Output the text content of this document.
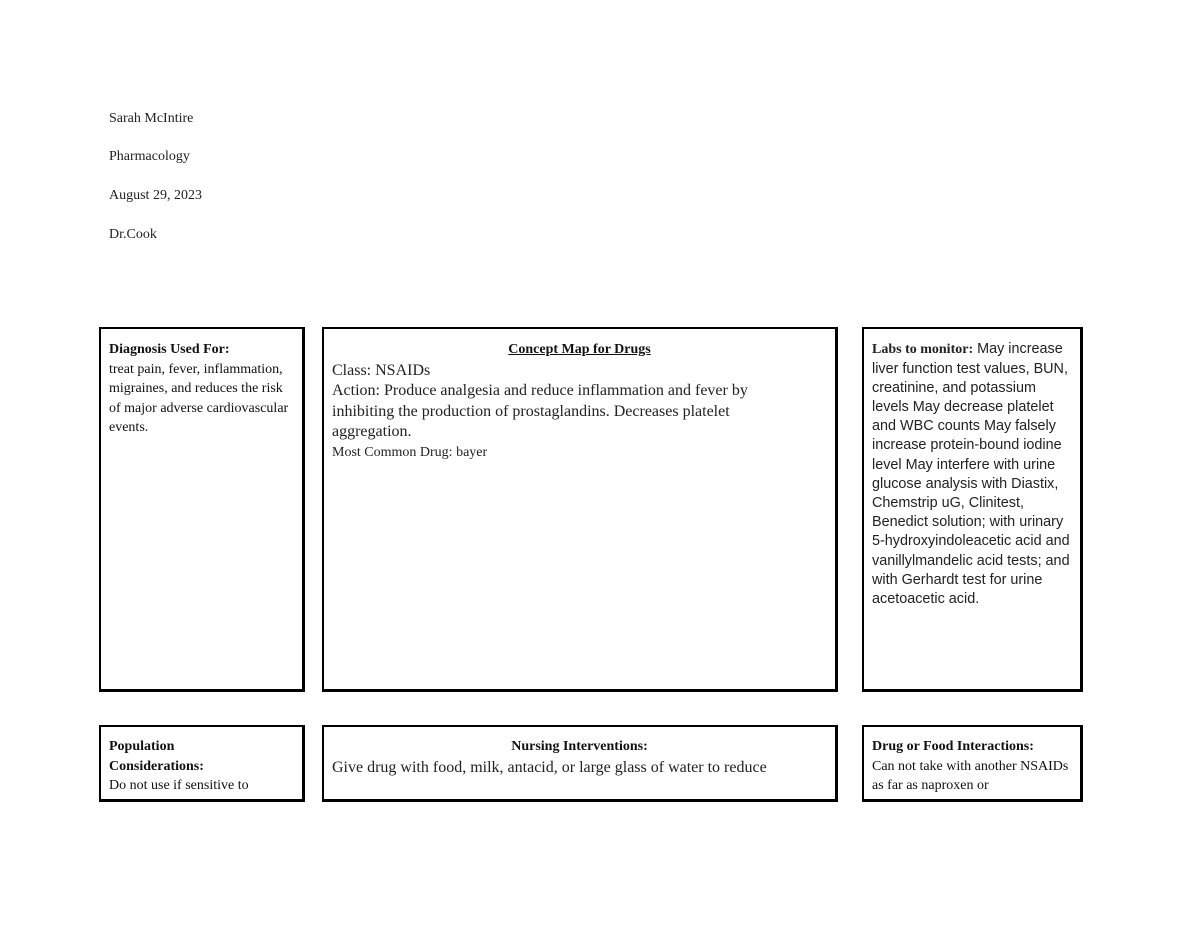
Sarah McIntire
Pharmacology
August 29, 2023
Dr.Cook
Diagnosis Used For:
treat pain, fever, inflammation, migraines, and reduces the risk of major adverse cardiovascular events.
Concept Map for Drugs
Class: NSAIDs
Action: Produce analgesia and reduce inflammation and fever by inhibiting the production of prostaglandins. Decreases platelet aggregation.
Most Common Drug: bayer
Labs to monitor: May increase liver function test values, BUN, creatinine, and potassium levels May decrease platelet and WBC counts May falsely increase protein-bound iodine level May interfere with urine glucose analysis with Diastix, Chemstrip uG, Clinitest, Benedict solution; with urinary 5-hydroxyindoleacetic acid and vanillylmandelic acid tests; and with Gerhardt test for urine acetoacetic acid.
Population Considerations:
Do not use if sensitive to
Nursing Interventions:
Give drug with food, milk, antacid, or large glass of water to reduce
Drug or Food Interactions:
Can not take with another NSAIDs as far as naproxen or
